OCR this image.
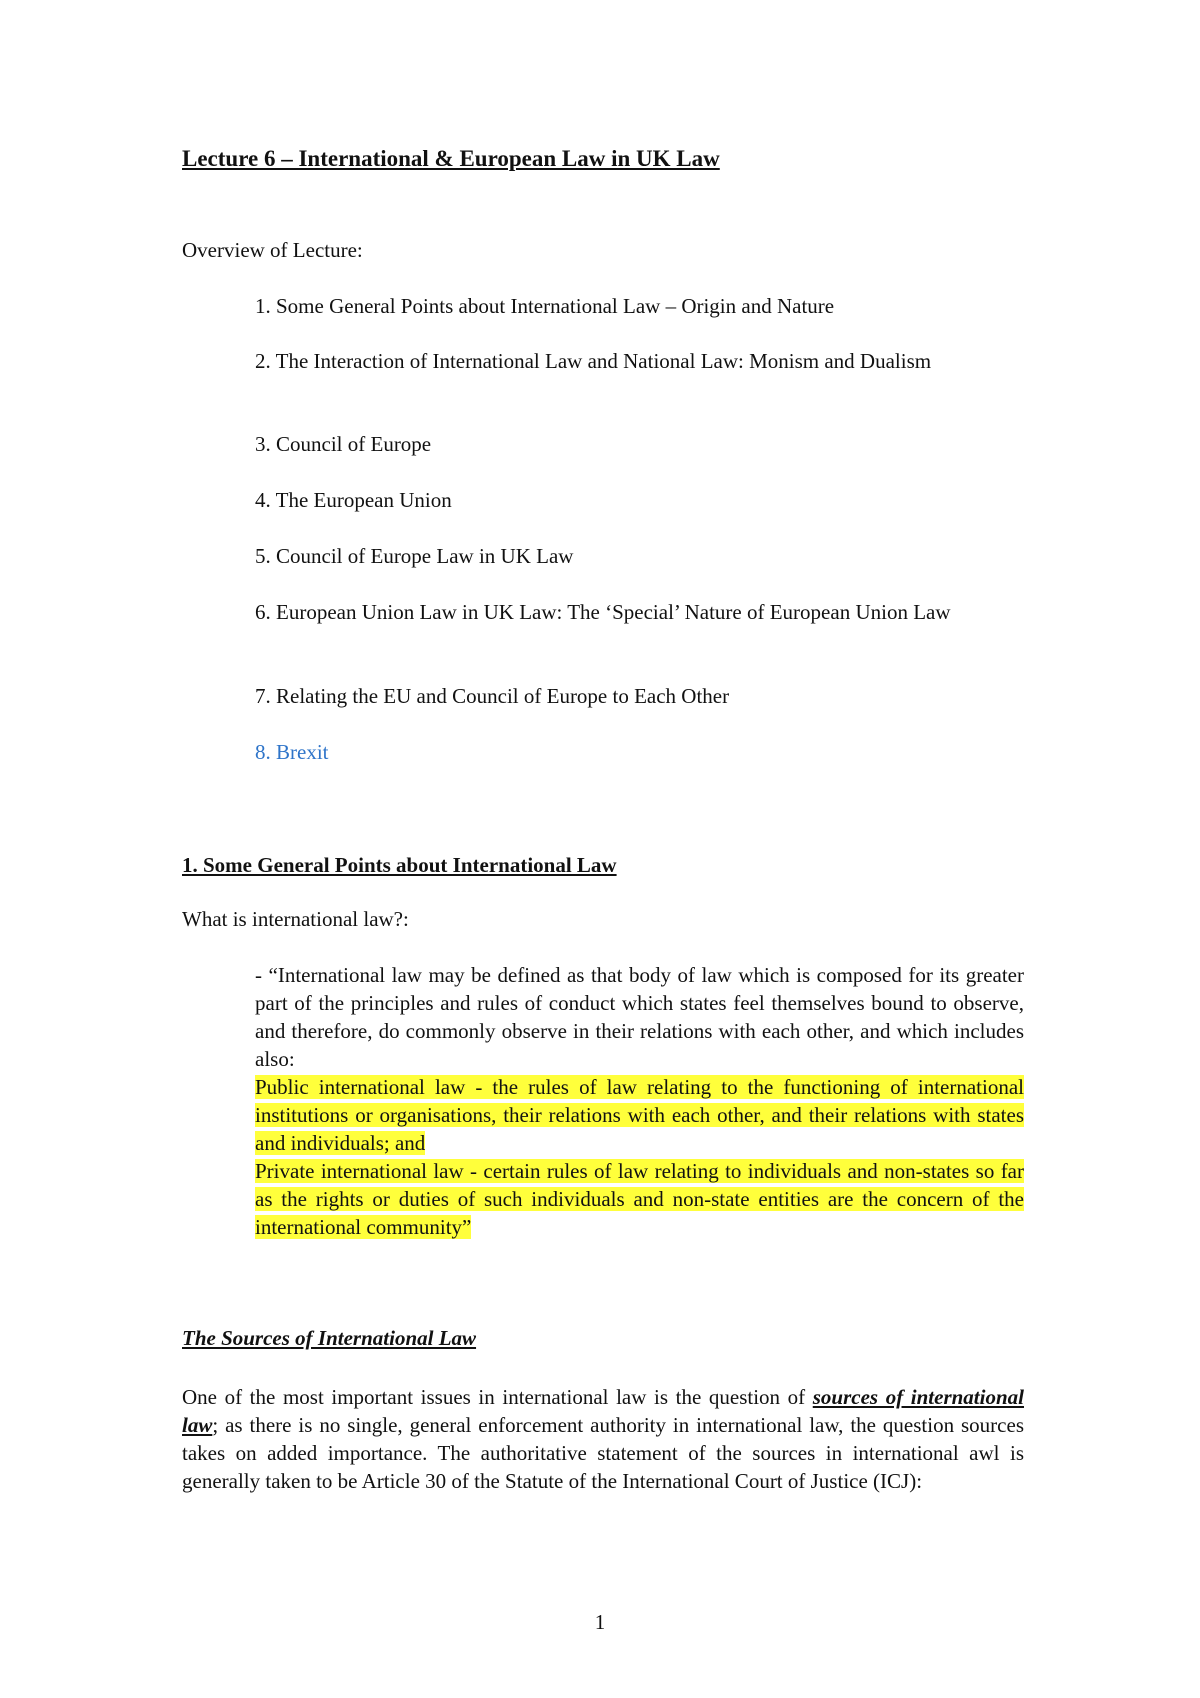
Lecture 6 – International & European Law in UK Law

Overview of Lecture:

1. Some General Points about International Law – Origin and Nature

2. The Interaction of International Law and National Law: Monism and Dualism

3. Council of Europe

4. The European Union

5. Council of Europe Law in UK Law

6. European Union Law in UK Law: The ‘Special’ Nature of European Union Law

7. Relating the EU and Council of Europe to Each Other

8. Brexit

1. Some General Points about International Law

What is international law?:

- “International law may be defined as that body of law which is composed for its greater part of the principles and rules of conduct which states feel themselves bound to observe, and therefore, do commonly observe in their relations with each other, and which includes also:
Public international law - the rules of law relating to the functioning of international institutions or organisations, their relations with each other, and their relations with states and individuals; and
Private international law - certain rules of law relating to individuals and non-states so far as the rights or duties of such individuals and non-state entities are the concern of the international community”
The Sources of International Law

One of the most important issues in international law is the question of sources of international law; as there is no single, general enforcement authority in international law, the question sources takes on added importance. The authoritative statement of the sources in international awl is generally taken to be Article 30 of the Statute of the International Court of Justice (ICJ):

1
